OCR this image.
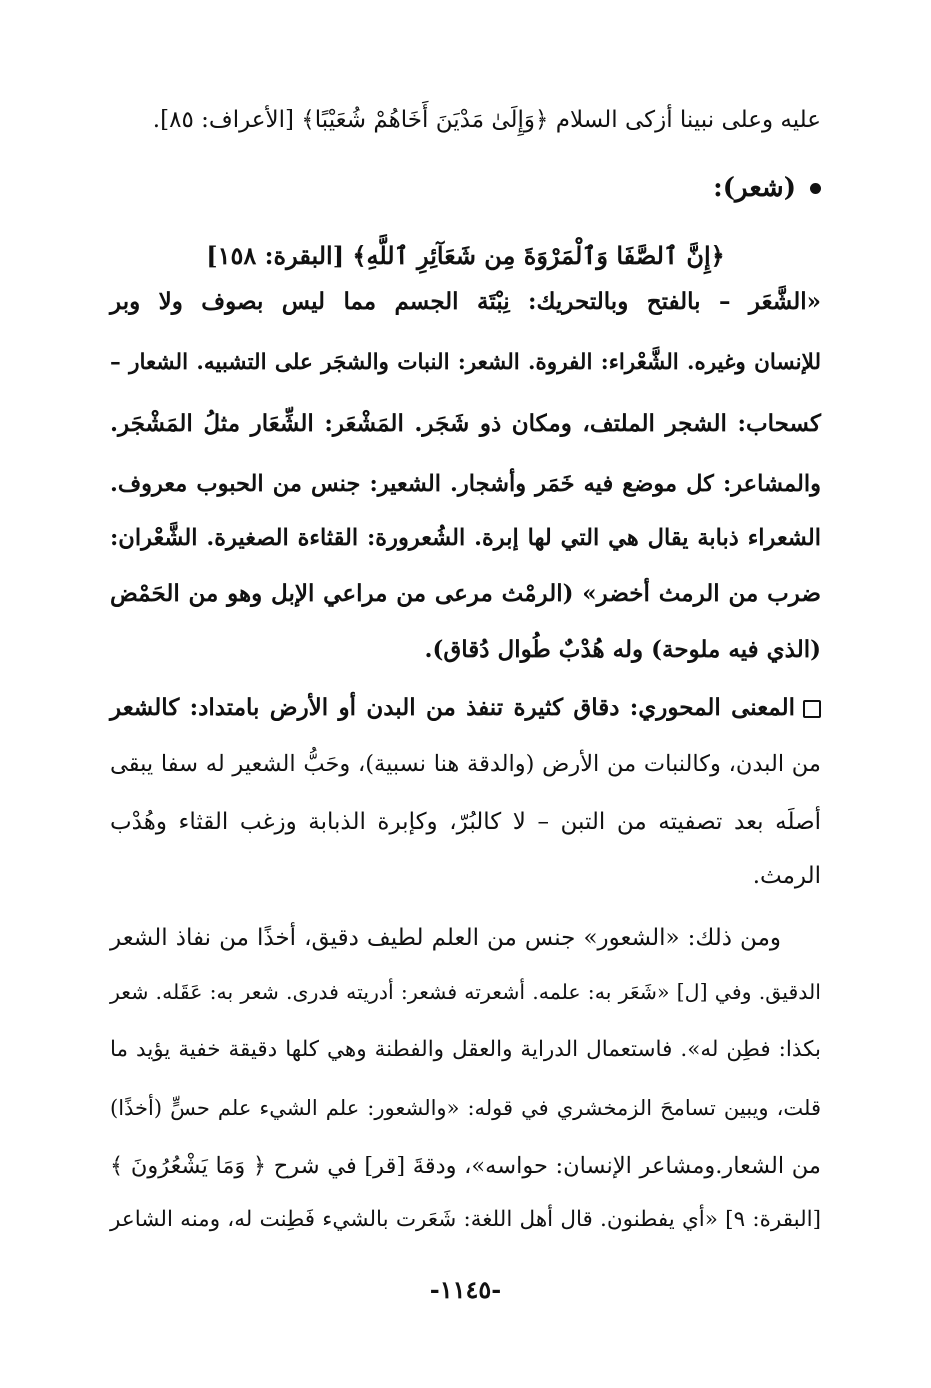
عليه وعلى نبينا أزكى السلام ﴿وَإِلَىٰ مَدْيَنَ أَخَاهُمْ شُعَيْبًا﴾ [الأعراف: ٨٥].
(شعر):
﴿إِنَّ ٱلصَّفَا وَٱلْمَرْوَةَ مِن شَعَآئِرِ ٱللَّهِ﴾ [البقرة: ١٥٨]
«الشَّعَر – بالفتح وبالتحريك: نِبْتَة الجسم مما ليس بصوف ولا وبر
للإنسان وغيره. الشَّعْراء: الفروة. الشعر: النبات والشجَر على التشبيه. الشعار –
كسحاب: الشجر الملتف، ومكان ذو شَجَر. المَشْعَر: الشِّعَار مثلُ المَشْجَر.
والمشاعر: كل موضع فيه خَمَر وأشجار. الشعير: جنس من الحبوب معروف.
الشعراء ذبابة يقال هي التي لها إبرة. الشُعرورة: القثاءة الصغيرة. الشَّعْران:
ضرب من الرمث أخضر» (الرمْث مرعى من مراعي الإبل وهو من الحَمْض
(الذي فيه ملوحة) وله هُدْبٌ طُوال دُقاق).
المعنى المحوري: دقاق كثيرة تنفذ من البدن أو الأرض بامتداد: كالشعر
من البدن، وكالنبات من الأرض (والدقة هنا نسبية)، وحَبُّ الشعير له سفا يبقى
أصلَه بعد تصفيته من التبن – لا كالبُرّ، وكإبرة الذبابة وزغب القثاء وهُدْب
الرمث.
ومن ذلك: «الشعور» جنس من العلم لطيف دقيق، أخذًا من نفاذ الشعر
الدقيق. وفي [ل] «شَعَر به: علمه. أشعرته فشعر: أدريته فدرى. شعر به: عَقَله. شعر
بكذا: فطِن له». فاستعمال الدراية والعقل والفطنة وهي كلها دقيقة خفية يؤيد ما
قلت، ويبين تسامحَ الزمخشري في قوله: «والشعور: علم الشيء علم حسٍّ (أخذًا)
من الشعار.ومشاعر الإنسان: حواسه»، ودقةَ [قر] في شرح ﴿ وَمَا يَشْعُرُونَ ﴾
[البقرة: ٩] «أي يفطنون. قال أهل اللغة: شَعَرت بالشيء فَطِنت له، ومنه الشاعر
-١١٤٥-
